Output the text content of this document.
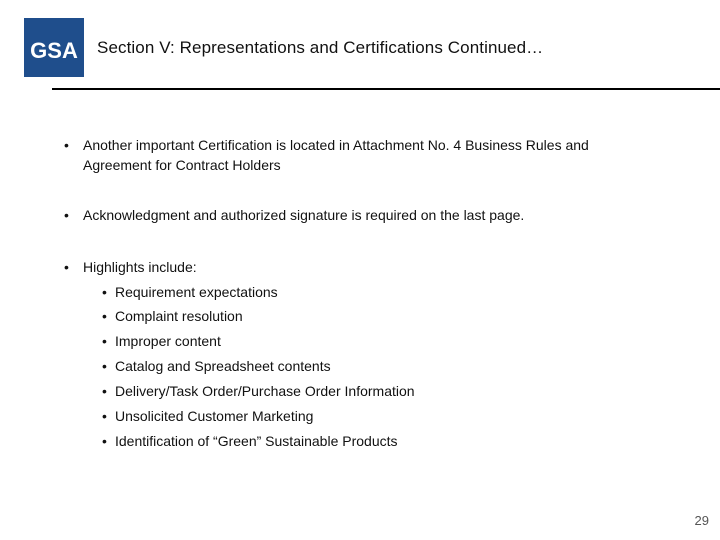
GSA Section V: Representations and Certifications Continued…
• Another important Certification is located in Attachment No. 4 Business Rules and
Agreement for Contract Holders
• Acknowledgment and authorized signature is required on the last page.
• Highlights include:
• Requirement expectations
• Complaint resolution
• Improper content
• Catalog and Spreadsheet contents
• Delivery/Task Order/Purchase Order Information
• Unsolicited Customer Marketing
• Identification of “Green” Sustainable Products
29
